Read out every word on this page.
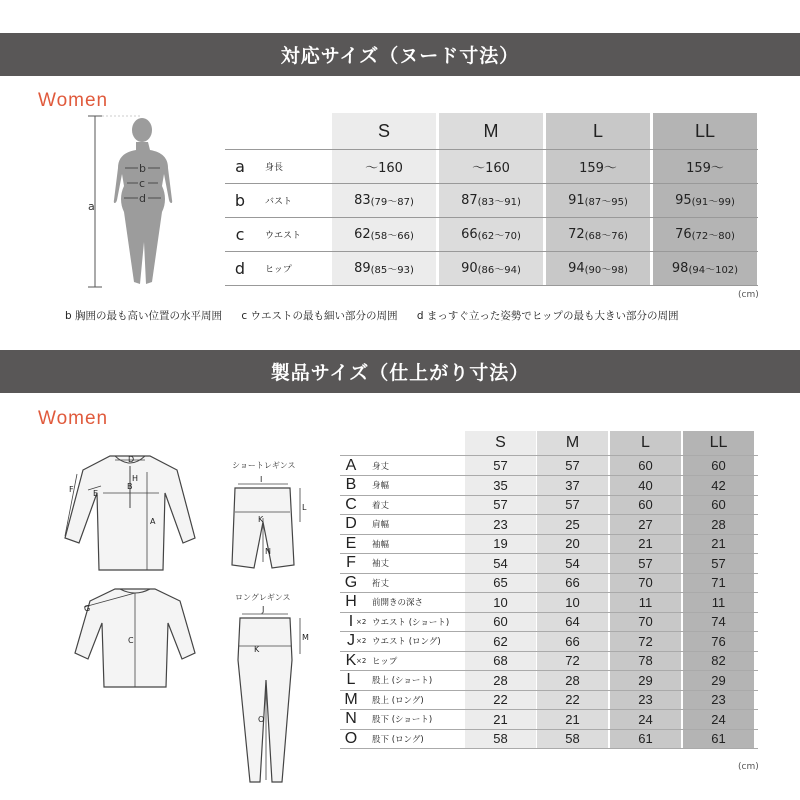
対応サイズ（ヌード寸法）
Women
a
b
c
d
S	M	L	LL
a	身長	～160	～160	159～	159～
b	バスト	83 (79～87)	87 (83～91)	91 (87～95)	95 (91～99)
c	ウエスト	62 (58～66)	66 (62～70)	72 (68～76)	76 (72～80)
d	ヒップ	89 (85～93)	90 (86～94)	94 (90～98)	98 (94～102)
(cm)
b 胸囲の最も高い位置の水平周囲 c ウエストの最も細い部分の周囲 d まっすぐ立った姿勢でヒップの最も大きい部分の周囲
製品サイズ（仕上がり寸法）
Women
D
F E
B
H
A
G
C
ショートレギンス
I
L
K
N
ロングレギンス
J
M
K
O
(cm)
S	M	L	LL
A	身丈	57	57	60	60
B	身幅	35	37	40	42
C	着丈	57	57	60	60
D	肩幅	23	25	27	28
E	袖幅	19	20	21	21
F	袖丈	54	54	57	57
G	裄丈	65	66	70	71
H	前開きの深さ	10	10	11	11
I ×2 ウエスト (ショート)	60	64	70	74
J ×2 ウエスト (ロング)	62	66	72	76
K ×2 ヒップ	68	72	78	82
L	股上 (ショート)	28	28	29	29
M	股上 (ロング)	22	22	23	23
N	股下 (ショート)	21	21	24	24
O	股下 (ロング)	58	58	61	61
